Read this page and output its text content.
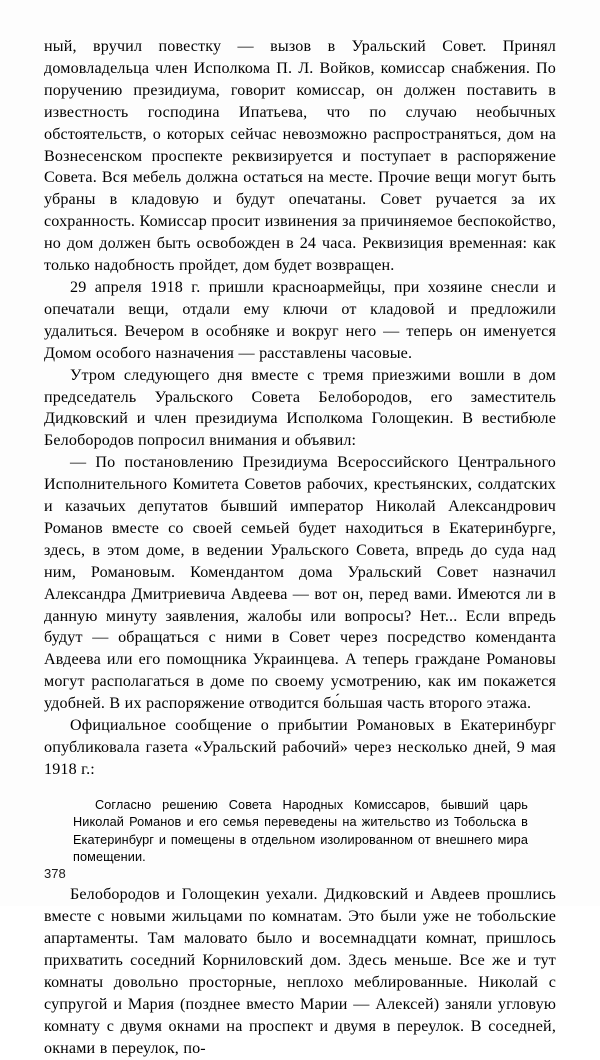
ный, вручил повестку — вызов в Уральский Совет. Принял домовладельца член Исполкома П. Л. Войков, комиссар снабжения. По поручению президиума, говорит комиссар, он должен поставить в известность господина Ипатьева, что по случаю необычных обстоятельств, о которых сейчас невозможно распространяться, дом на Вознесенском проспекте реквизируется и поступает в распоряжение Совета. Вся мебель должна остаться на месте. Прочие вещи могут быть убраны в кладовую и будут опечатаны. Совет ручается за их сохранность. Комиссар просит извинения за причиняемое беспокойство, но дом должен быть освобожден в 24 часа. Реквизиция временная: как только надобность пройдет, дом будет возвращен.

29 апреля 1918 г. пришли красноармейцы, при хозяине снесли и опечатали вещи, отдали ему ключи от кладовой и предложили удалиться. Вечером в особняке и вокруг него — теперь он именуется Домом особого назначения — расставлены часовые.

Утром следующего дня вместе с тремя приезжими вошли в дом председатель Уральского Совета Белобородов, его заместитель Дидковский и член президиума Исполкома Голощекин. В вестибюле Белобородов попросил внимания и объявил:

— По постановлению Президиума Всероссийского Центрального Исполнительного Комитета Советов рабочих, крестьянских, солдатских и казачьих депутатов бывший император Николай Александрович Романов вместе со своей семьей будет находиться в Екатеринбурге, здесь, в этом доме, в ведении Уральского Совета, впредь до суда над ним, Романовым. Комендантом дома Уральский Совет назначил Александра Дмитриевича Авдеева — вот он, перед вами. Имеются ли в данную минуту заявления, жалобы или вопросы? Нет... Если впредь будут — обращаться с ними в Совет через посредство коменданта Авдеева или его помощника Украинцева. А теперь граждане Романовы могут располагаться в доме по своему усмотрению, как им покажется удобней. В их распоряжение отводится бо́льшая часть второго этажа.

Официальное сообщение о прибытии Романовых в Екатеринбург опубликовала газета «Уральский рабочий» через несколько дней, 9 мая 1918 г.:

Согласно решению Совета Народных Комиссаров, бывший царь Николай Романов и его семья переведены на жительство из Тобольска в Екатеринбург и помещены в отдельном изолированном от внешнего мира помещении.

Белобородов и Голощекин уехали. Дидковский и Авдеев прошлись вместе с новыми жильцами по комнатам. Это были уже не тобольские апартаменты. Там маловато было и восемнадцати комнат, пришлось прихватить соседний Корниловский дом. Здесь меньше. Все же и тут комнаты довольно просторные, неплохо меблированные. Николай с супругой и Мария (позднее вместо Марии — Алексей) заняли угловую комнату с двумя окнами на проспект и двумя в переулок. В соседней, окнами в переулок, по-

378
